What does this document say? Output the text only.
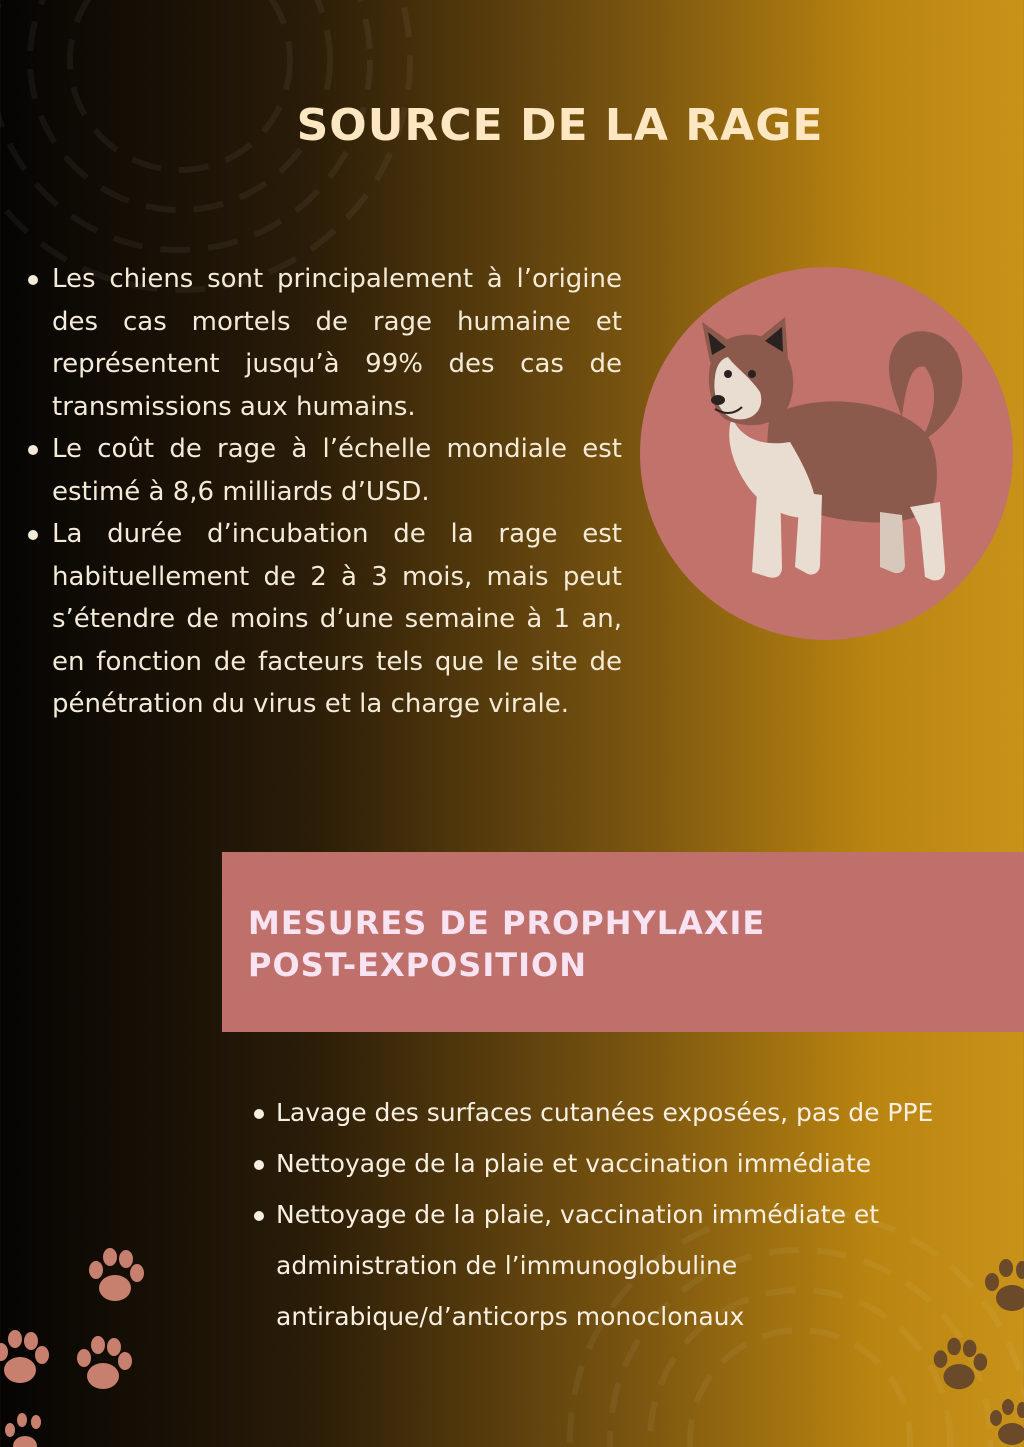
SOURCE DE LA RAGE
Les chiens sont principalement à l’origine des cas mortels de rage humaine et représentent jusqu’à 99% des cas de transmissions aux humains.
Le coût de rage à l’échelle mondiale est estimé à 8,6 milliards d’USD.
La durée d’incubation de la rage est habituellement de 2 à 3 mois, mais peut s’étendre de moins d’une semaine à 1 an, en fonction de facteurs tels que le site de pénétration du virus et la charge virale.
MESURES DE PROPHYLAXIE
POST-EXPOSITION
Lavage des surfaces cutanées exposées, pas de PPE
Nettoyage de la plaie et vaccination immédiate
Nettoyage de la plaie, vaccination immédiate et administration de l’immunoglobuline antirabique/d’anticorps monoclonaux
